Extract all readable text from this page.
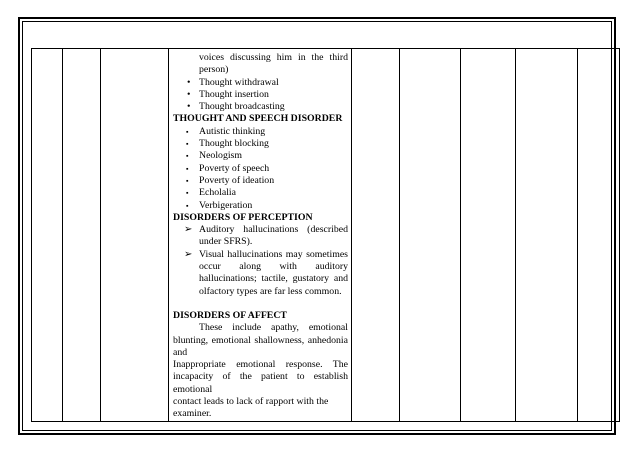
voices discussing him in the third
person)
• Thought withdrawal
• Thought insertion
• Thought broadcasting
THOUGHT AND SPEECH DISORDER
▪ Autistic thinking
▪ Thought blocking
▪ Neologism
▪ Poverty of speech
▪ Poverty of ideation
▪ Echolalia
▪ Verbigeration
DISORDERS OF PERCEPTION
➢ Auditory hallucinations (described
under SFRS).
➢ Visual hallucinations may sometimes
occur along with auditory
hallucinations; tactile, gustatory and
olfactory types are far less common.
DISORDERS OF AFFECT
These include apathy, emotional
blunting, emotional shallowness, anhedonia and
Inappropriate emotional response. The
incapacity of the patient to establish emotional
contact leads to lack of rapport with the
examiner.
